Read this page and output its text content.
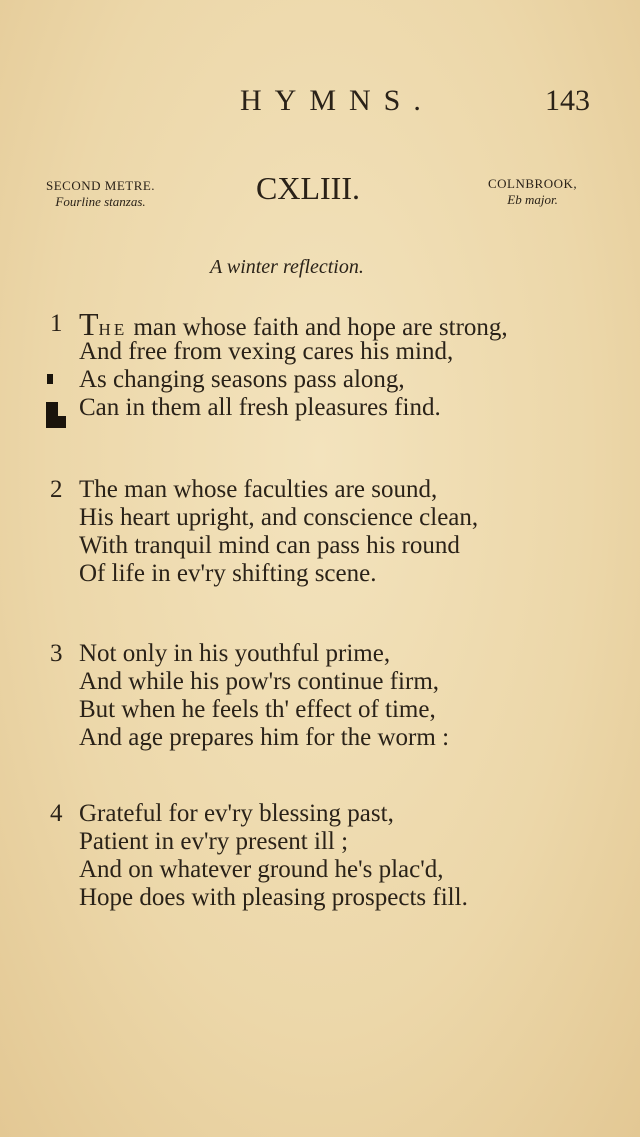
HYMNS.	143
SECOND METRE.
Fourline stanzas.	CXLIII.	COLNBROOK,
Eb major.
A winter reflection.
1 THE man whose faith and hope are strong,
And free from vexing cares his mind,
As changing seasons pass along,
Can in them all fresh pleasures find.
2 The man whose faculties are sound,
His heart upright, and conscience clean,
With tranquil mind can pass his round
Of life in ev'ry shifting scene.
3 Not only in his youthful prime,
And while his pow'rs continue firm,
But when he feels th' effect of time,
And age prepares him for the worm :
4 Grateful for ev'ry blessing past,
Patient in ev'ry present ill ;
And on whatever ground he's plac'd,
Hope does with pleasing prospects fill.
